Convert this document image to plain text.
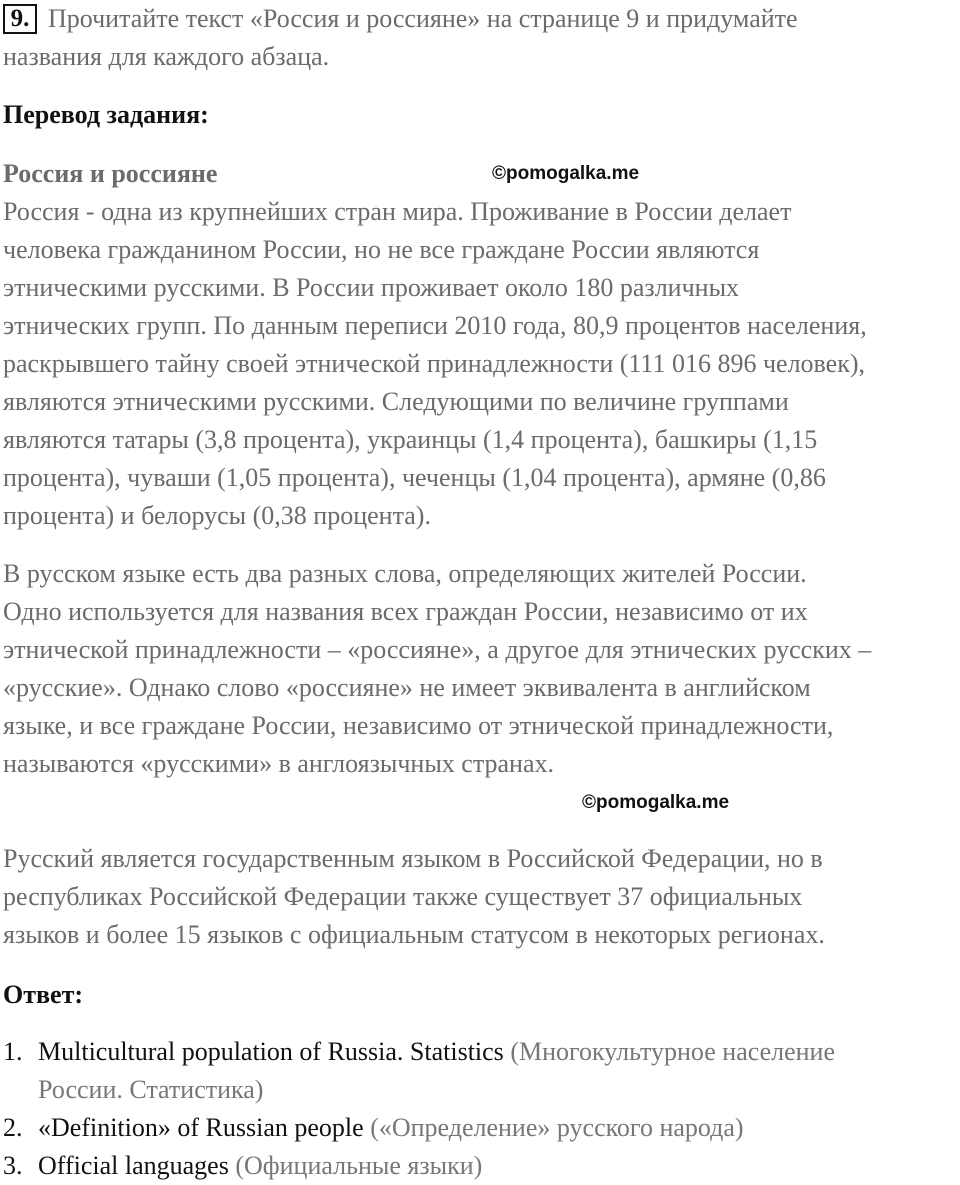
9. Прочитайте текст «Россия и россияне» на странице 9 и придумайте
названия для каждого абзаца.
Перевод задания:
Россия и россияне	©pomogalka.me
Россия - одна из крупнейших стран мира. Проживание в России делает
человека гражданином России, но не все граждане России являются
этническими русскими. В России проживает около 180 различных
этнических групп. По данным переписи 2010 года, 80,9 процентов населения,
раскрывшего тайну своей этнической принадлежности (111 016 896 человек),
являются этническими русскими. Следующими по величине группами
являются татары (3,8 процента), украинцы (1,4 процента), башкиры (1,15
процента), чуваши (1,05 процента), чеченцы (1,04 процента), армяне (0,86
процента) и белорусы (0,38 процента).
В русском языке есть два разных слова, определяющих жителей России.
Одно используется для названия всех граждан России, независимо от их
этнической принадлежности – «россияне», а другое для этнических русских –
«русские». Однако слово «россияне» не имеет эквивалента в английском
языке, и все граждане России, независимо от этнической принадлежности,
называются «русскими» в англоязычных странах.
©pomogalka.me
Русский является государственным языком в Российской Федерации, но в
республиках Российской Федерации также существует 37 официальных
языков и более 15 языков с официальным статусом в некоторых регионах.
Ответ:
1. Multicultural population of Russia. Statistics (Многокультурное население
России. Статистика)
2. «Definition» of Russian people («Определение» русского народа)
3. Official languages (Официальные языки)
